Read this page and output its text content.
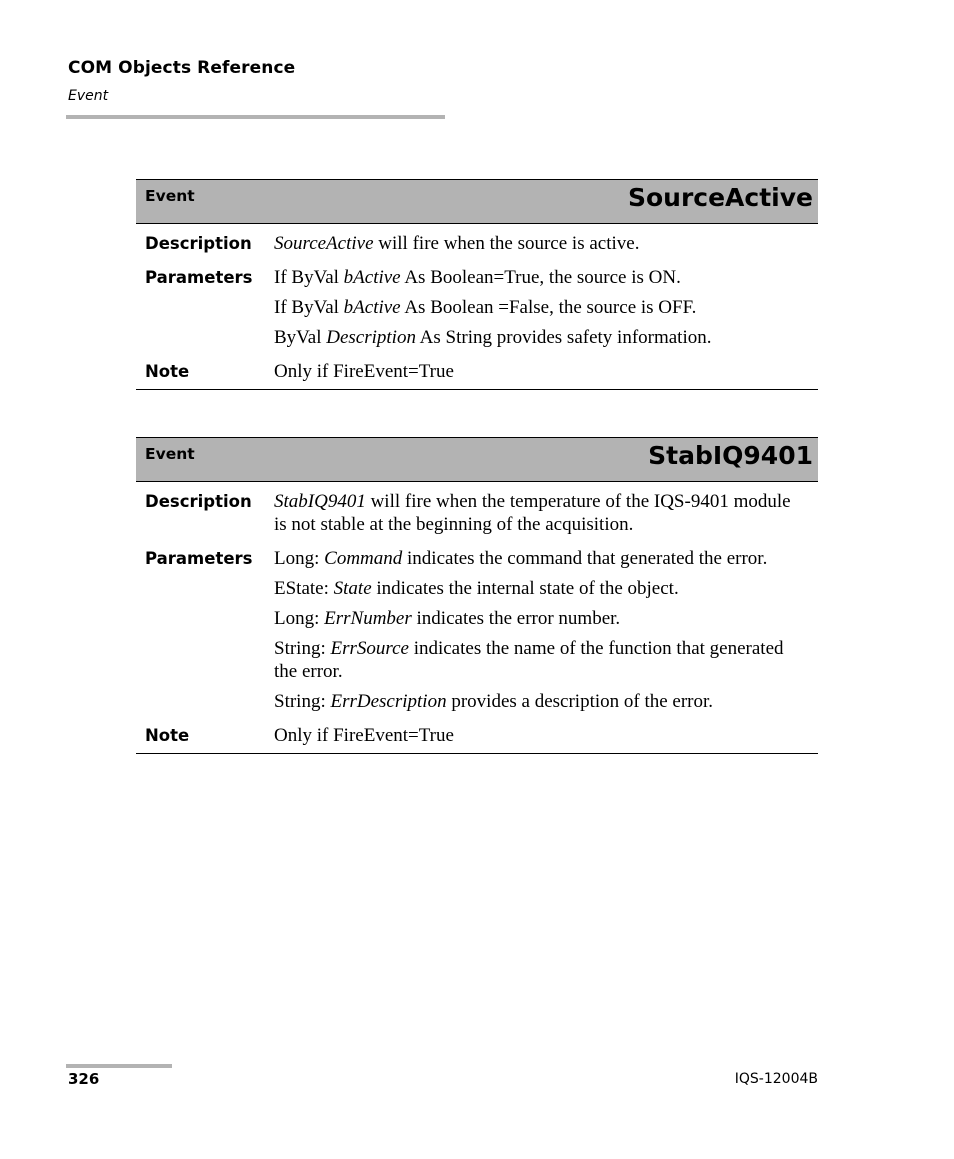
COM Objects Reference
Event
Event	SourceActive
Description	SourceActive will fire when the source is active.
Parameters	If ByVal bActive As Boolean=True, the source is ON.
If ByVal bActive As Boolean =False, the source is OFF.
ByVal Description As String provides safety information.
Note	Only if FireEvent=True
Event	StabIQ9401
Description	StabIQ9401 will fire when the temperature of the IQS-9401 module is not stable at the beginning of the acquisition.
Parameters	Long: Command indicates the command that generated the error.
EState: State indicates the internal state of the object.
Long: ErrNumber indicates the error number.
String: ErrSource indicates the name of the function that generated the error.
String: ErrDescription provides a description of the error.
Note	Only if FireEvent=True
326	IQS-12004B
